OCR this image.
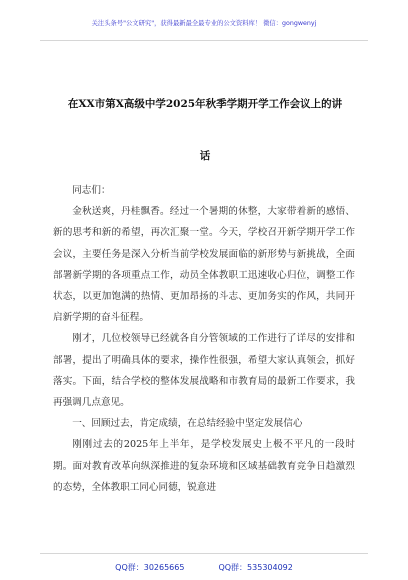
关注头条号"公文研究"，获得最新最全最专业的公文资料库！ 微信：gongwenyj
在XX市第X高级中学2025年秋季学期开学工作会议上的讲
话

同志们：

金秋送爽，丹桂飘香。经过一个暑期的休整，大家带着新的感悟、新的思考和新的希望，再次汇聚一堂。今天，学校召开新学期开学工作会议，主要任务是深入分析当前学校发展面临的新形势与新挑战，全面部署新学期的各项重点工作，动员全体教职工迅速收心归位，调整工作状态，以更加饱满的热情、更加昂扬的斗志、更加务实的作风，共同开启新学期的奋斗征程。

刚才，几位校领导已经就各自分管领域的工作进行了详尽的安排和部署，提出了明确具体的要求，操作性很强，希望大家认真领会，抓好落实。下面，结合学校的整体发展战略和市教育局的最新工作要求，我再强调几点意见。

一、回顾过去，肯定成绩，在总结经验中坚定发展信心

刚刚过去的2025年上半年，是学校发展史上极不平凡的一段时期。面对教育改革向纵深推进的复杂环境和区域基础教育竞争日趋激烈的态势，全体教职工同心同德，锐意进

QQ群：30265665	QQ群：535304092
